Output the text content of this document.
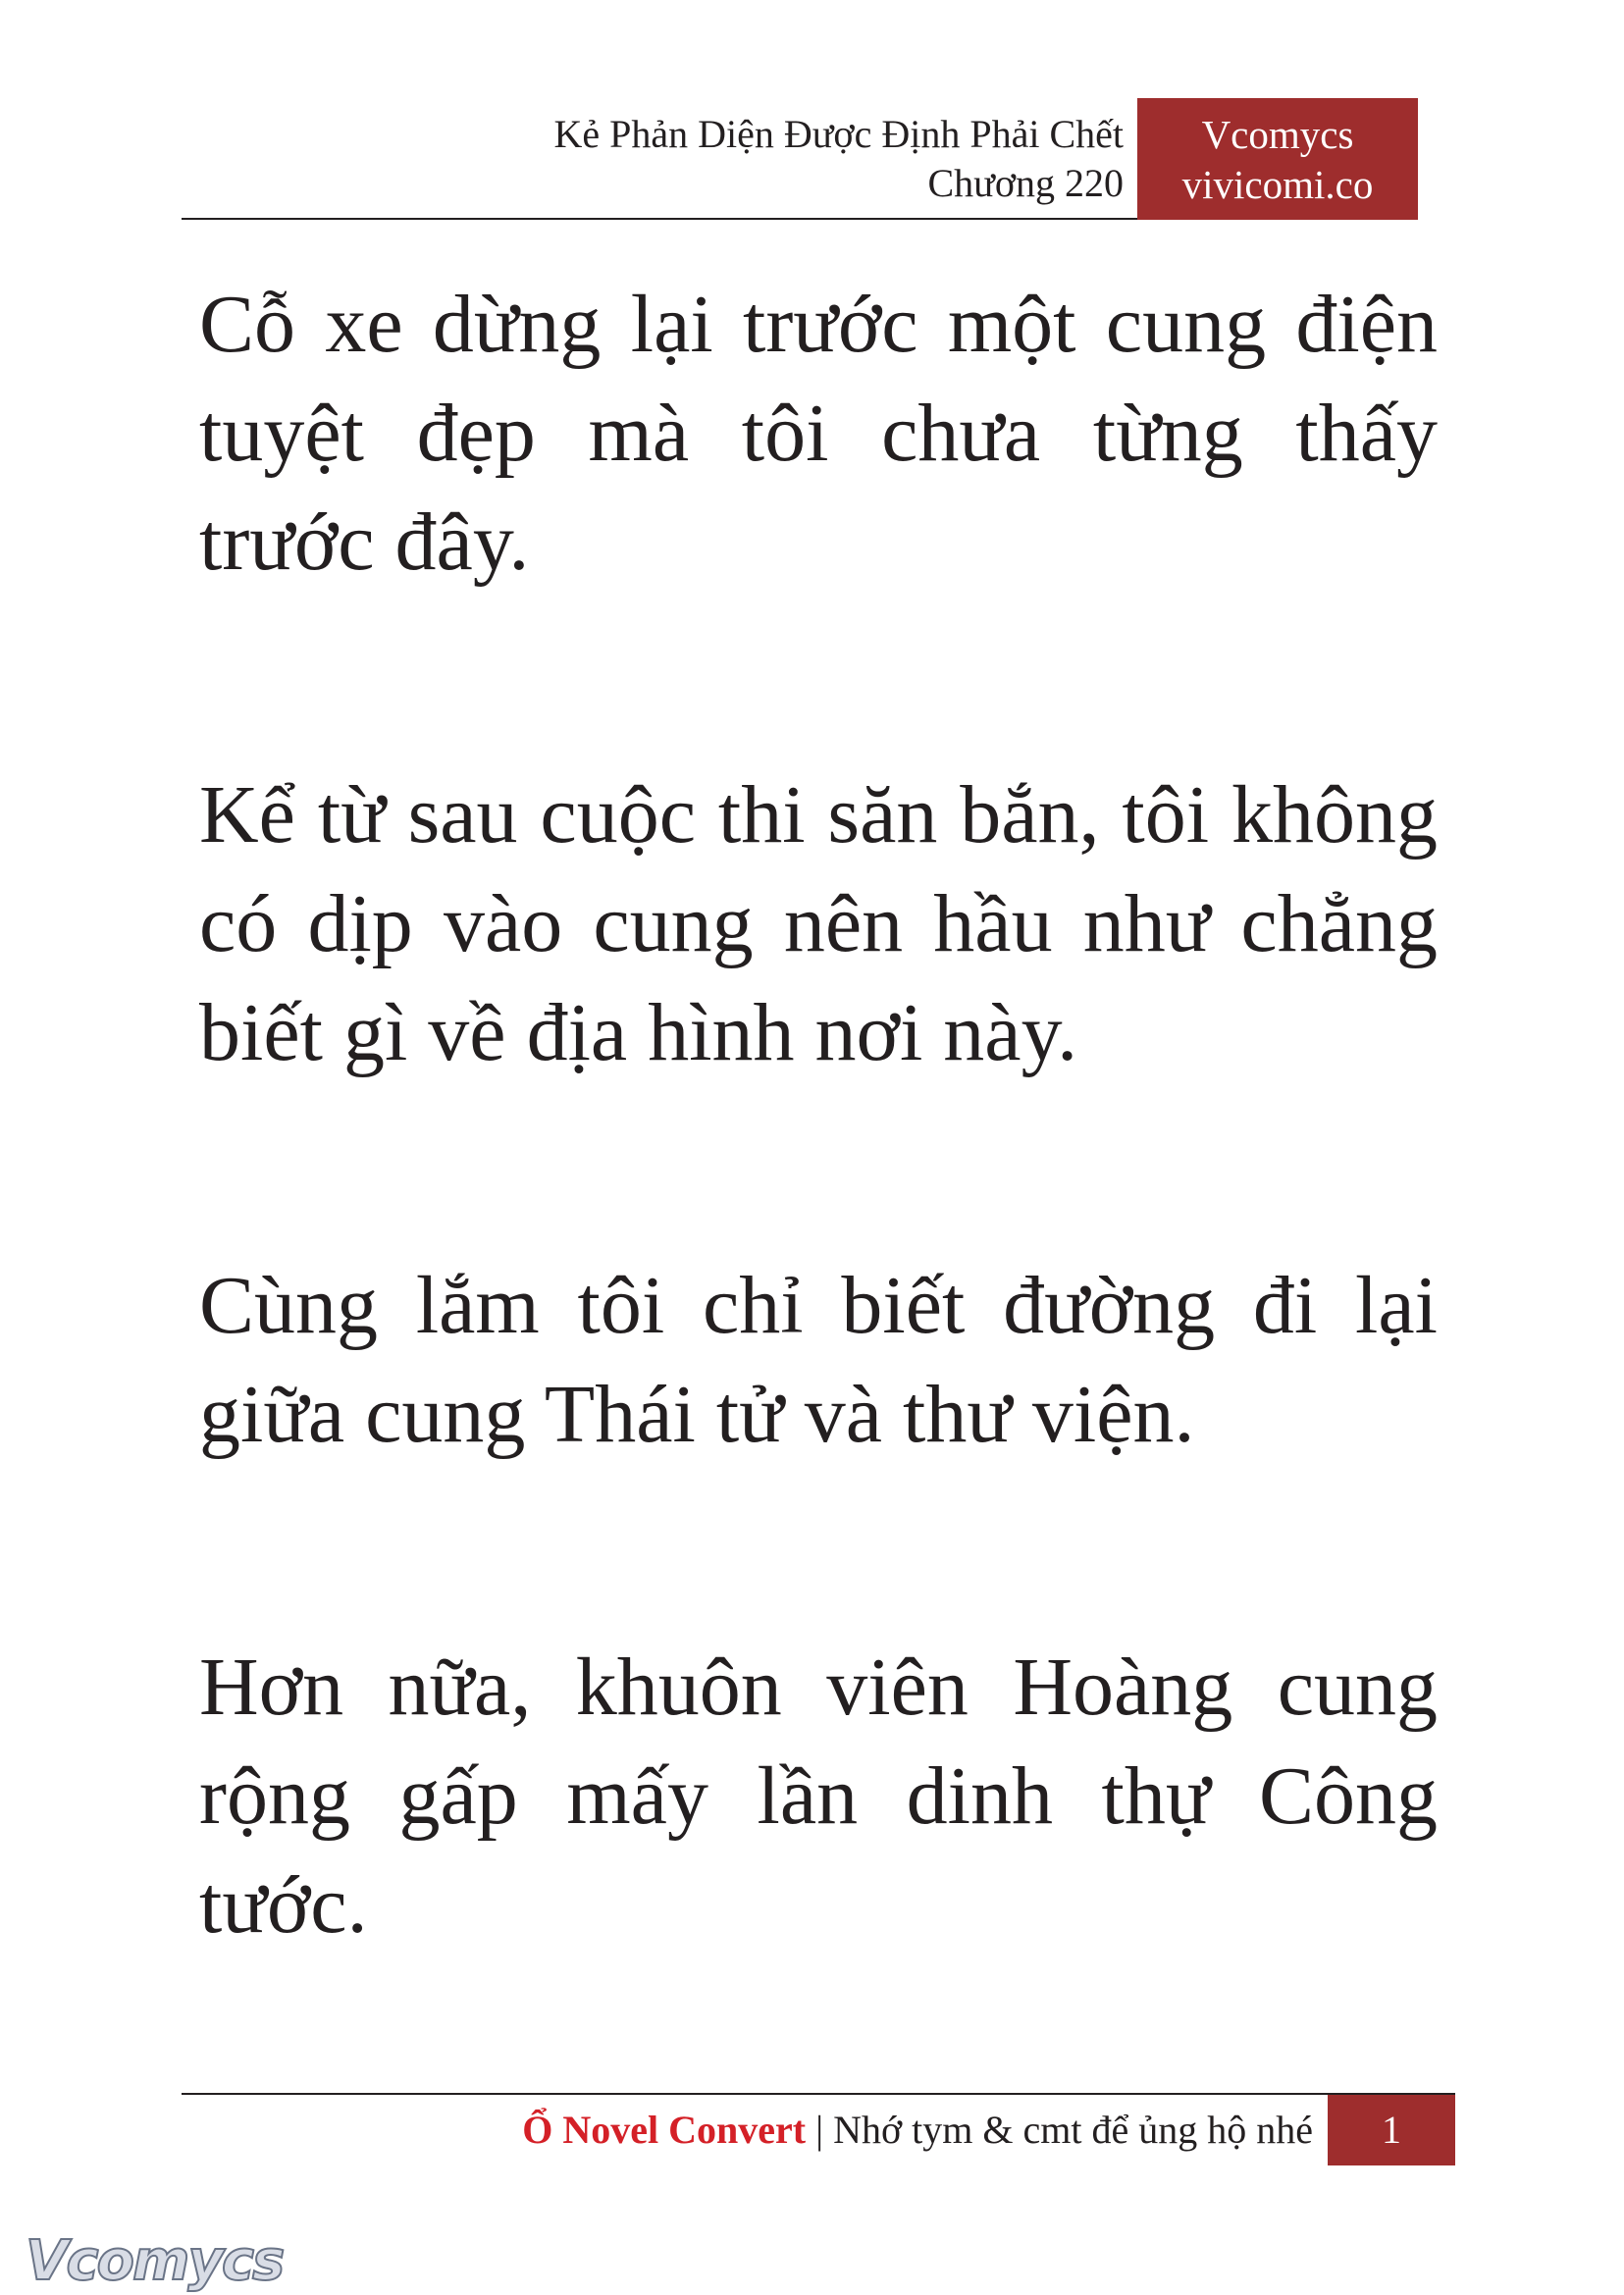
Kẻ Phản Diện Được Định Phải Chết
Chương 220
Vcomycs
vivicomi.co

Cỗ xe dừng lại trước một cung điện tuyệt đẹp mà tôi chưa từng thấy trước đây.

Kể từ sau cuộc thi săn bắn, tôi không có dịp vào cung nên hầu như chẳng biết gì về địa hình nơi này.

Cùng lắm tôi chỉ biết đường đi lại giữa cung Thái tử và thư viện.

Hơn nữa, khuôn viên Hoàng cung rộng gấp mấy lần dinh thự Công tước.

Ổ Novel Convert | Nhớ tym & cmt để ủng hộ nhé	1
Vcomycs
